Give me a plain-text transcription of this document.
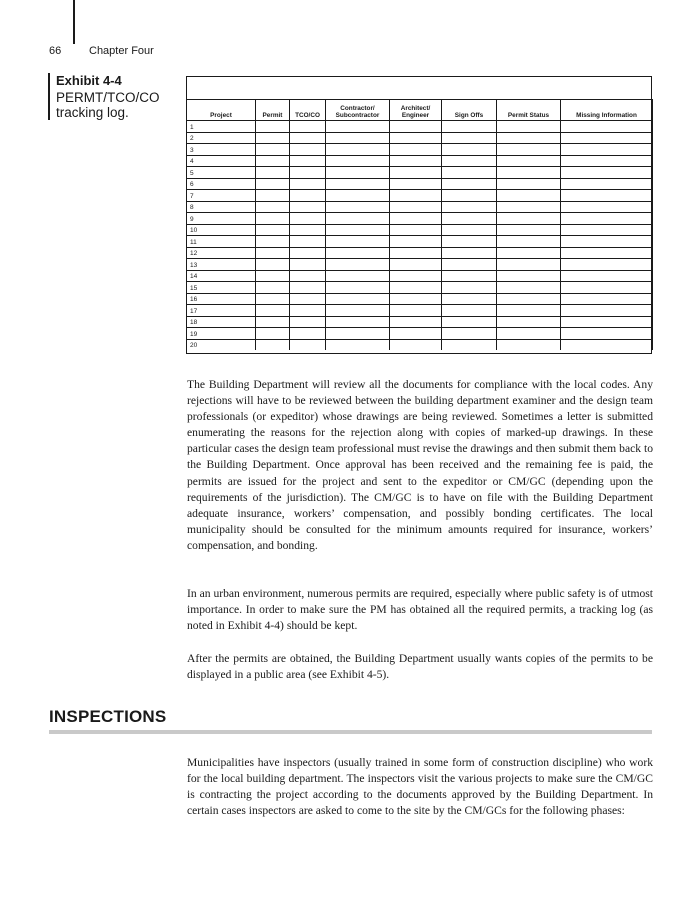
66	Chapter Four
Exhibit 4-4
PERMT/TCO/CO
tracking log.	Project	Permit	TCO/CO	Contractor/ Subcontractor	Architect/ Engineer	Sign Offs	Permit Status	Missing Information
1							
2							
3							
4							
5							
6							
7							
8							
9							
10							
11							
12							
13							
14							
15							
16							
17							
18							
19							
20							

The Building Department will review all the documents for compliance with the local codes. Any rejections will have to be reviewed between the building department examiner and the design team professionals (or expeditor) whose drawings are being reviewed. Sometimes a letter is submitted enumerating the reasons for the rejection along with copies of marked-up drawings. In these particular cases the design team professional must revise the drawings and then submit them back to the Building Department. Once approval has been received and the remaining fee is paid, the permits are issued for the project and sent to the expeditor or CM/GC (depending upon the requirements of the jurisdiction). The CM/GC is to have on file with the Building Department adequate insurance, workers’ compensation, and possibly bonding certificates. The local municipality should be consulted for the minimum amounts required for insurance, workers’ compensation, and bonding.

In an urban environment, numerous permits are required, especially where public safety is of utmost importance. In order to make sure the PM has obtained all the required permits, a tracking log (as noted in Exhibit 4-4) should be kept.

After the permits are obtained, the Building Department usually wants copies of the permits to be displayed in a public area (see Exhibit 4-5).

INSPECTIONS

Municipalities have inspectors (usually trained in some form of construction discipline) who work for the local building department. The inspectors visit the various projects to make sure the CM/GC is contracting the project according to the documents approved by the Building Department. In certain cases inspectors are asked to come to the site by the CM/GCs for the following phases:
